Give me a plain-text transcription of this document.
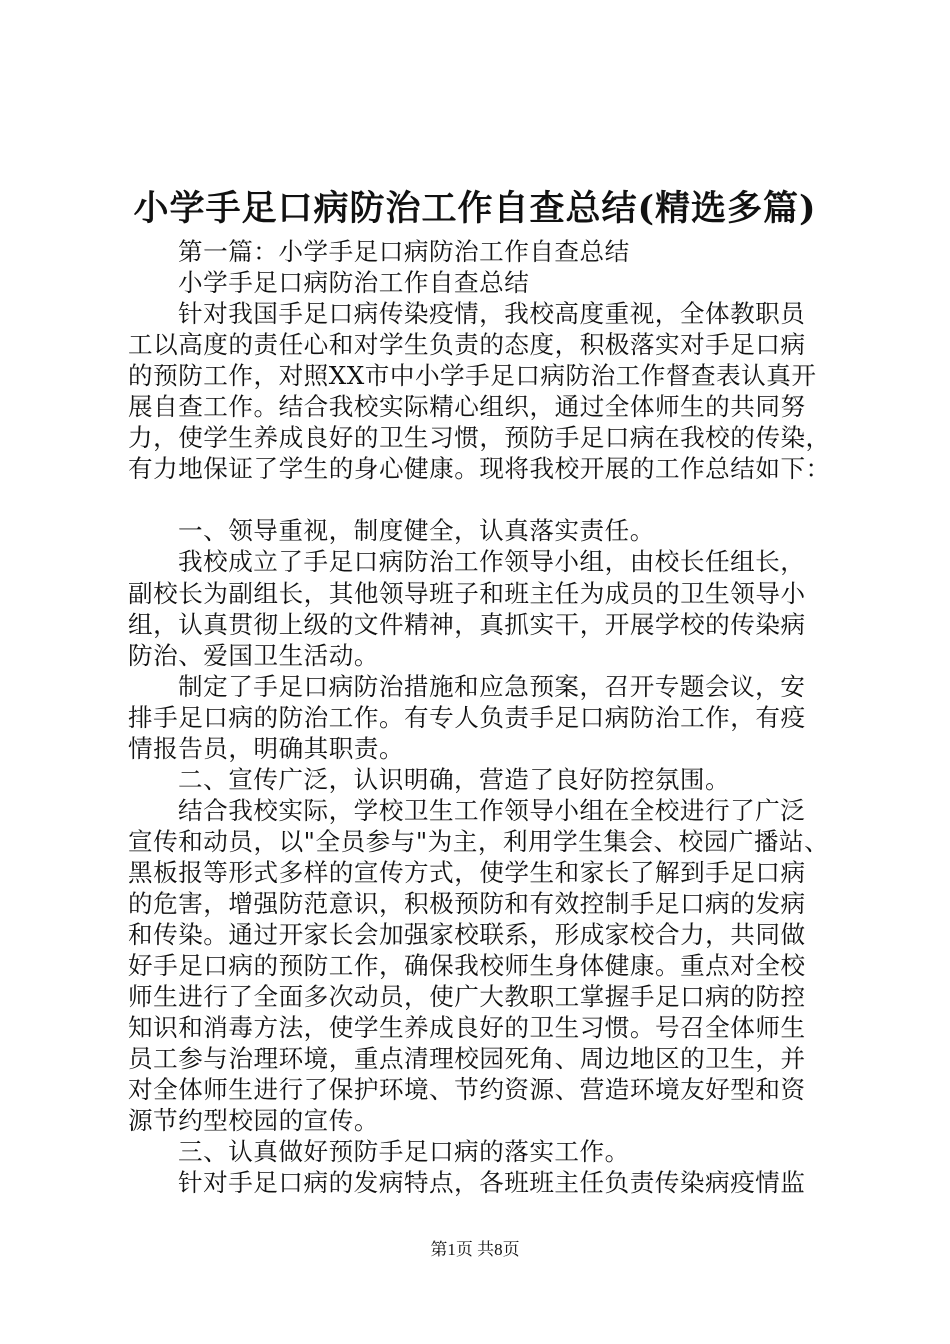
小学手足口病防治工作自查总结(精选多篇)
第一篇：小学手足口病防治工作自查总结
小学手足口病防治工作自查总结
针对我国手足口病传染疫情，我校高度重视，全体教职员
工以高度的责任心和对学生负责的态度，积极落实对手足口病
的预防工作，对照XX市中小学手足口病防治工作督查表认真开
展自查工作。结合我校实际精心组织，通过全体师生的共同努
力，使学生养成良好的卫生习惯，预防手足口病在我校的传染，
有力地保证了学生的身心健康。现将我校开展的工作总结如下：
一、领导重视，制度健全，认真落实责任。
我校成立了手足口病防治工作领导小组，由校长任组长，
副校长为副组长，其他领导班子和班主任为成员的卫生领导小
组，认真贯彻上级的文件精神，真抓实干，开展学校的传染病
防治、爱国卫生活动。
制定了手足口病防治措施和应急预案，召开专题会议，安
排手足口病的防治工作。有专人负责手足口病防治工作，有疫
情报告员，明确其职责。
二、宣传广泛，认识明确，营造了良好防控氛围。
结合我校实际，学校卫生工作领导小组在全校进行了广泛
宣传和动员，以"全员参与"为主，利用学生集会、校园广播站、
黑板报等形式多样的宣传方式，使学生和家长了解到手足口病
的危害，增强防范意识，积极预防和有效控制手足口病的发病
和传染。通过开家长会加强家校联系，形成家校合力，共同做
好手足口病的预防工作，确保我校师生身体健康。重点对全校
师生进行了全面多次动员，使广大教职工掌握手足口病的防控
知识和消毒方法，使学生养成良好的卫生习惯。号召全体师生
员工参与治理环境，重点清理校园死角、周边地区的卫生，并
对全体师生进行了保护环境、节约资源、营造环境友好型和资
源节约型校园的宣传。
三、认真做好预防手足口病的落实工作。
针对手足口病的发病特点，各班班主任负责传染病疫情监
第1页 共8页
